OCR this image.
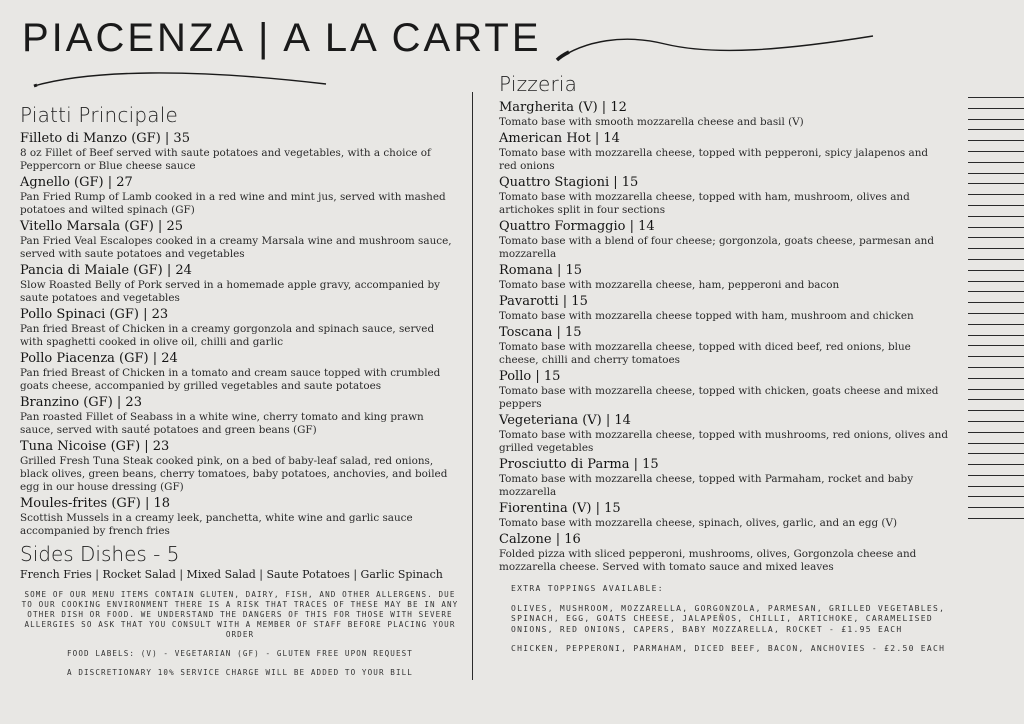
PIACENZA | A LA CARTE
Piatti Principale
Filleto di Manzo (GF) | 35
8 oz Fillet of Beef served with saute potatoes and vegetables, with a choice of Peppercorn or Blue cheese sauce
Agnello (GF) | 27
Pan Fried Rump of Lamb cooked in a red wine and mint jus, served with mashed potatoes and wilted spinach (GF)
Vitello Marsala (GF) | 25
Pan Fried Veal Escalopes cooked in a creamy Marsala wine and mushroom sauce, served with saute potatoes and vegetables
Pancia di Maiale (GF) | 24
Slow Roasted Belly of Pork served in a homemade apple gravy, accompanied by saute potatoes and vegetables
Pollo Spinaci (GF) | 23
Pan fried Breast of Chicken in a creamy gorgonzola and spinach sauce, served with spaghetti cooked in olive oil, chilli and garlic
Pollo Piacenza (GF) | 24
Pan fried Breast of Chicken in a tomato and cream sauce topped with crumbled goats cheese, accompanied by grilled vegetables and saute potatoes
Branzino (GF) | 23
Pan roasted Fillet of Seabass in a white wine, cherry tomato and king prawn sauce, served with sauté potatoes and green beans (GF)
Tuna Nicoise (GF) | 23
Grilled Fresh Tuna Steak cooked pink, on a bed of baby-leaf salad, red onions, black olives, green beans, cherry tomatoes, baby potatoes, anchovies, and boiled egg in our house dressing (GF)
Moules-frites (GF) | 18
Scottish Mussels in a creamy leek, panchetta, white wine and garlic sauce accompanied by french fries
Sides Dishes - 5
French Fries | Rocket Salad | Mixed Salad | Saute Potatoes | Garlic Spinach
SOME OF OUR MENU ITEMS CONTAIN GLUTEN, DAIRY, FISH, AND OTHER ALLERGENS. DUE TO OUR COOKING ENVIRONMENT THERE IS A RISK THAT TRACES OF THESE MAY BE IN ANY OTHER DISH OR FOOD. WE UNDERSTAND THE DANGERS OF THIS FOR THOSE WITH SEVERE ALLERGIES SO ASK THAT YOU CONSULT WITH A MEMBER OF STAFF BEFORE PLACING YOUR ORDER
FOOD LABELS: (V) - VEGETARIAN (GF) - GLUTEN FREE UPON REQUEST
A DISCRETIONARY 10% SERVICE CHARGE WILL BE ADDED TO YOUR BILL
Pizzeria
Margherita (V) | 12
Tomato base with smooth mozzarella cheese and basil (V)
American Hot | 14
Tomato base with mozzarella cheese, topped with pepperoni, spicy jalapenos and red onions
Quattro Stagioni | 15
Tomato base with mozzarella cheese, topped with ham, mushroom, olives and artichokes split in four sections
Quattro Formaggio | 14
Tomato base with a blend of four cheese; gorgonzola, goats cheese, parmesan and mozzarella
Romana | 15
Tomato base with mozzarella cheese, ham, pepperoni and bacon
Pavarotti | 15
Tomato base with mozzarella cheese topped with ham, mushroom and chicken
Toscana | 15
Tomato base with mozzarella cheese, topped with diced beef, red onions, blue cheese, chilli and cherry tomatoes
Pollo | 15
Tomato base with mozzarella cheese, topped with chicken, goats cheese and mixed peppers
Vegeteriana (V) | 14
Tomato base with mozzarella cheese, topped with mushrooms, red onions, olives and grilled vegetables
Prosciutto di Parma | 15
Tomato base with mozzarella cheese, topped with Parmaham, rocket and baby mozzarella
Fiorentina (V) | 15
Tomato base with mozzarella cheese, spinach, olives, garlic, and an egg (V)
Calzone | 16
Folded pizza with sliced pepperoni, mushrooms, olives, Gorgonzola cheese and mozzarella cheese. Served with tomato sauce and mixed leaves
EXTRA TOPPINGS AVAILABLE:
OLIVES, MUSHROOM, MOZZARELLA, GORGONZOLA, PARMESAN, GRILLED VEGETABLES, SPINACH, EGG, GOATS CHEESE, JALAPEÑOS, CHILLI, ARTICHOKE, CARAMELISED ONIONS, RED ONIONS, CAPERS, BABY MOZZARELLA, ROCKET - £1.95 EACH
CHICKEN, PEPPERONI, PARMAHAM, DICED BEEF, BACON, ANCHOVIES - £2.50 EACH
